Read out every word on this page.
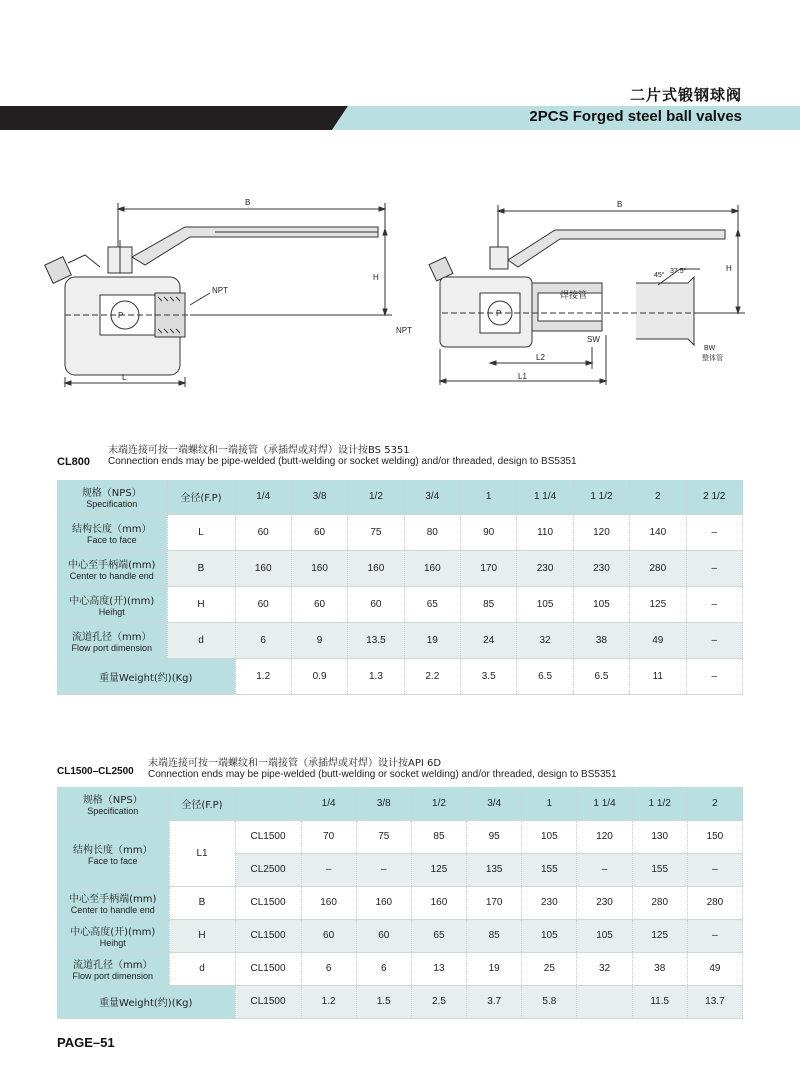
二片式锻钢球阀
2PCS Forged steel ball valves
B
H
L
NPT
P
B
H
L1
L2
NPT
SW
焊接管
P
45°
37.5°
BW
整体管
末端连接可按一端螺纹和一端接管（承插焊或对焊）设计按BS 5351
CL800 Connection ends may be pipe-welded (butt-welding or socket welding) and/or threaded, design to BS5351
规格（NPS）
Specification	全径(F.P)	1/4	3/8	1/2	3/4	1	1 1/4	1 1/2	2	2 1/2

结构长度（mm）
Face to face	L	60	60	75	80	90	110	120	140	–

中心至手柄端(mm)
Center to handle end	B	160	160	160	160	170	230	230	280	–

中心高度(开)(mm)
Heihgt	H	60	60	60	65	85	105	105	125	–

流道孔径（mm）
Flow port dimension	d	6	9	13.5	19	24	32	38	49	–

重量Weight(约)(Kg)		1.2	0.9	1.3	2.2	3.5	6.5	6.5	11	–
末端连接可按一端螺纹和一端接管（承插焊或对焊）设计按API 6D
CL1500–CL2500 Connection ends may be pipe-welded (butt-welding or socket welding) and/or threaded, design to BS5351
规格（NPS）
Specification	全径(F.P)		1/4	3/8	1/2	3/4	1	1 1/4	1 1/2	2

结构长度（mm）
Face to face	L1	CL1500	70	75	85	95	105	120	130	150
		CL2500	–	–	125	135	155	–	155	–

中心至手柄端(mm)
Center to handle end	B	CL1500	160	160	160	170	230	230	280	280

中心高度(开)(mm)
Heihgt	H	CL1500	60	60	65	85	105	105	125	–

流道孔径（mm）
Flow port dimension	d	CL1500	6	6	13	19	25	32	38	49

重量Weight(约)(Kg)		CL1500	1.2	1.5	2.5	3.7	5.8		11.5	13.7
PAGE–51
